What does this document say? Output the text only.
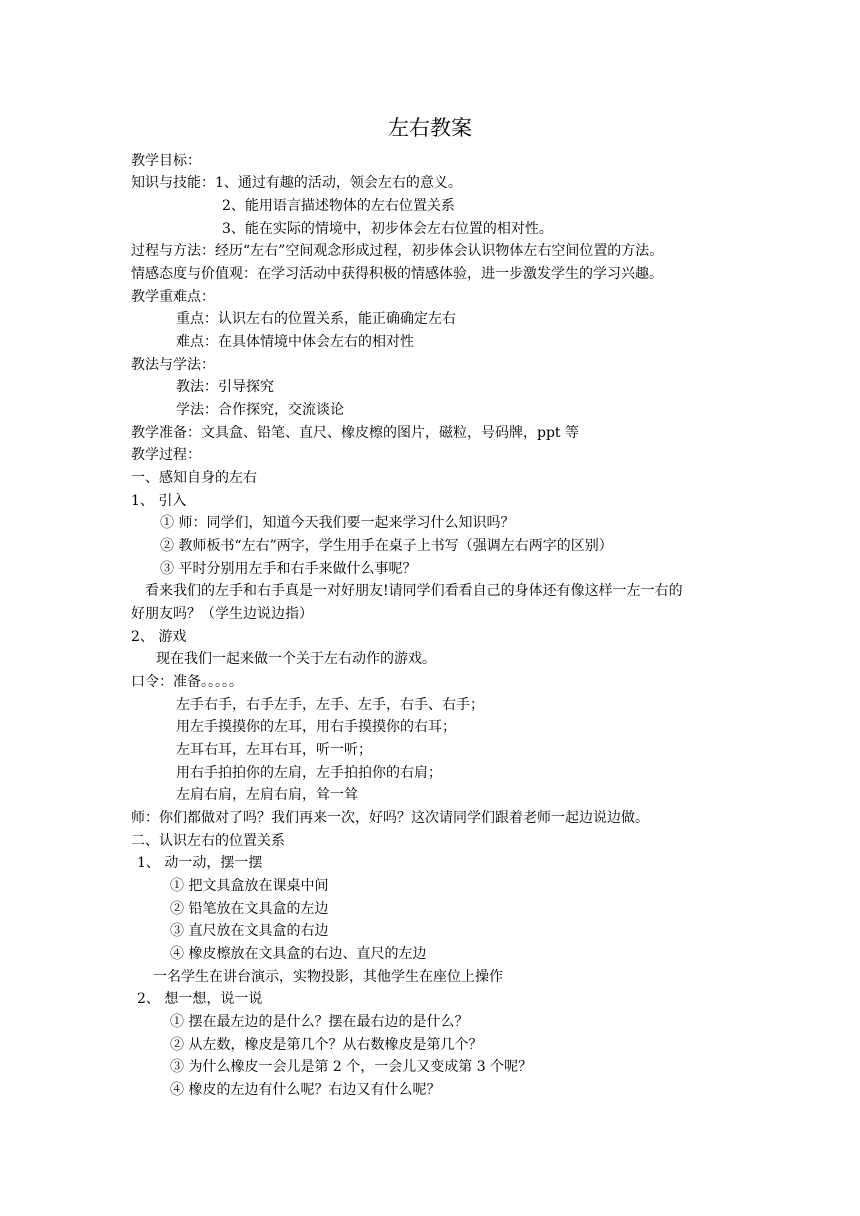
左右教案
教学目标：
知识与技能：1、通过有趣的活动，领会左右的意义。
2、能用语言描述物体的左右位置关系
3、能在实际的情境中，初步体会左右位置的相对性。
过程与方法：经历“左右”空间观念形成过程，初步体会认识物体左右空间位置的方法。
情感态度与价值观：在学习活动中获得积极的情感体验，进一步激发学生的学习兴趣。
教学重难点：
重点：认识左右的位置关系，能正确确定左右
难点：在具体情境中体会左右的相对性
教法与学法：
教法：引导探究
学法：合作探究，交流谈论
教学准备：文具盒、铅笔、直尺、橡皮檫的图片，磁粒，号码牌，ppt 等
教学过程：
一、感知自身的左右
1、 引入
① 师：同学们，知道今天我们要一起来学习什么知识吗？
② 教师板书“左右”两字，学生用手在桌子上书写（强调左右两字的区别）
③ 平时分别用左手和右手来做什么事呢？
看来我们的左手和右手真是一对好朋友!请同学们看看自己的身体还有像这样一左一右的
好朋友吗？（学生边说边指）
2、 游戏
现在我们一起来做一个关于左右动作的游戏。
口令：准备。。。。。
左手右手，右手左手，左手、左手，右手、右手；
用左手摸摸你的左耳，用右手摸摸你的右耳；
左耳右耳，左耳右耳，听一听；
用右手拍拍你的左肩，左手拍拍你的右肩；
左肩右肩，左肩右肩，耸一耸
师：你们都做对了吗？我们再来一次，好吗？这次请同学们跟着老师一起边说边做。
二、认识左右的位置关系
1、 动一动，摆一摆
① 把文具盒放在课桌中间
② 铅笔放在文具盒的左边
③ 直尺放在文具盒的右边
④ 橡皮檫放在文具盒的右边、直尺的左边
一名学生在讲台演示，实物投影，其他学生在座位上操作
2、 想一想，说一说
① 摆在最左边的是什么？摆在最右边的是什么？
② 从左数，橡皮是第几个？从右数橡皮是第几个？
③ 为什么橡皮一会儿是第 2 个，一会儿又变成第 3 个呢？
④ 橡皮的左边有什么呢？右边又有什么呢？
